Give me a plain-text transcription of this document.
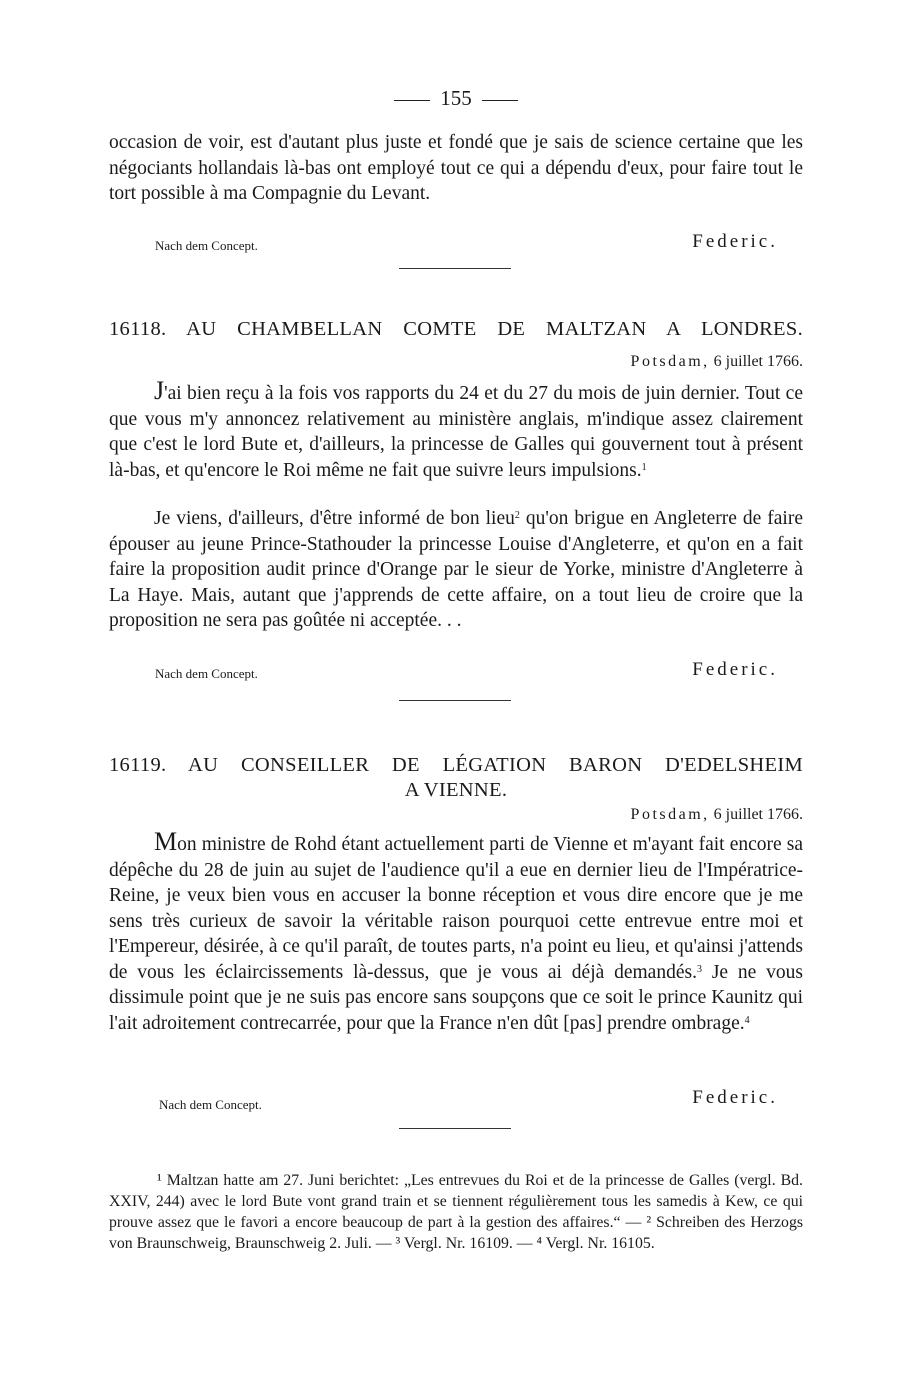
155

occasion de voir, est d'autant plus juste et fondé que je sais de science certaine que les négociants hollandais là-bas ont employé tout ce qui a dépendu d'eux, pour faire tout le tort possible à ma Compagnie du Levant.

Nach dem Concept.	Federic.
16118. AU CHAMBELLAN COMTE DE MALTZAN A LONDRES.
Potsdam, 6 juillet 1766.

J'ai bien reçu à la fois vos rapports du 24 et du 27 du mois de juin dernier. Tout ce que vous m'y annoncez relativement au ministère anglais, m'indique assez clairement que c'est le lord Bute et, d'ailleurs, la princesse de Galles qui gouvernent tout à présent là-bas, et qu'encore le Roi même ne fait que suivre leurs impulsions.$^1$

Je viens, d'ailleurs, d'être informé de bon lieu$^2$ qu'on brigue en Angleterre de faire épouser au jeune Prince-Stathouder la princesse Louise d'Angleterre, et qu'on en a fait faire la proposition audit prince d'Orange par le sieur de Yorke, ministre d'Angleterre à La Haye. Mais, autant que j'apprends de cette affaire, on a tout lieu de croire que la proposition ne sera pas goûtée ni acceptée. . .

Nach dem Concept.	Federic.
16119. AU CONSEILLER DE LÉGATION BARON D'EDELSHEIM
A VIENNE.
Potsdam, 6 juillet 1766.

Mon ministre de Rohd étant actuellement parti de Vienne et m'ayant fait encore sa dépêche du 28 de juin au sujet de l'audience qu'il a eue en dernier lieu de l'Impératrice-Reine, je veux bien vous en accuser la bonne réception et vous dire encore que je me sens très curieux de savoir la véritable raison pourquoi cette entrevue entre moi et l'Empereur, désirée, à ce qu'il paraît, de toutes parts, n'a point eu lieu, et qu'ainsi j'attends de vous les éclaircissements là-dessus, que je vous ai déjà demandés.$^3$ Je ne vous dissimule point que je ne suis pas encore sans soupçons que ce soit le prince Kaunitz qui l'ait adroitement contrecarrée, pour que la France n'en dût [pas] prendre ombrage.$^4$

Nach dem Concept.	Federic.

¹ Maltzan hatte am 27. Juni berichtet: „Les entrevues du Roi et de la princesse de Galles (vergl. Bd. XXIV, 244) avec le lord Bute vont grand train et se tiennent régulièrement tous les samedis à Kew, ce qui prouve assez que le favori a encore beaucoup de part à la gestion des affaires.“ — ² Schreiben des Herzogs von Braunschweig, Braunschweig 2. Juli. — ³ Vergl. Nr. 16109. — ⁴ Vergl. Nr. 16105.
